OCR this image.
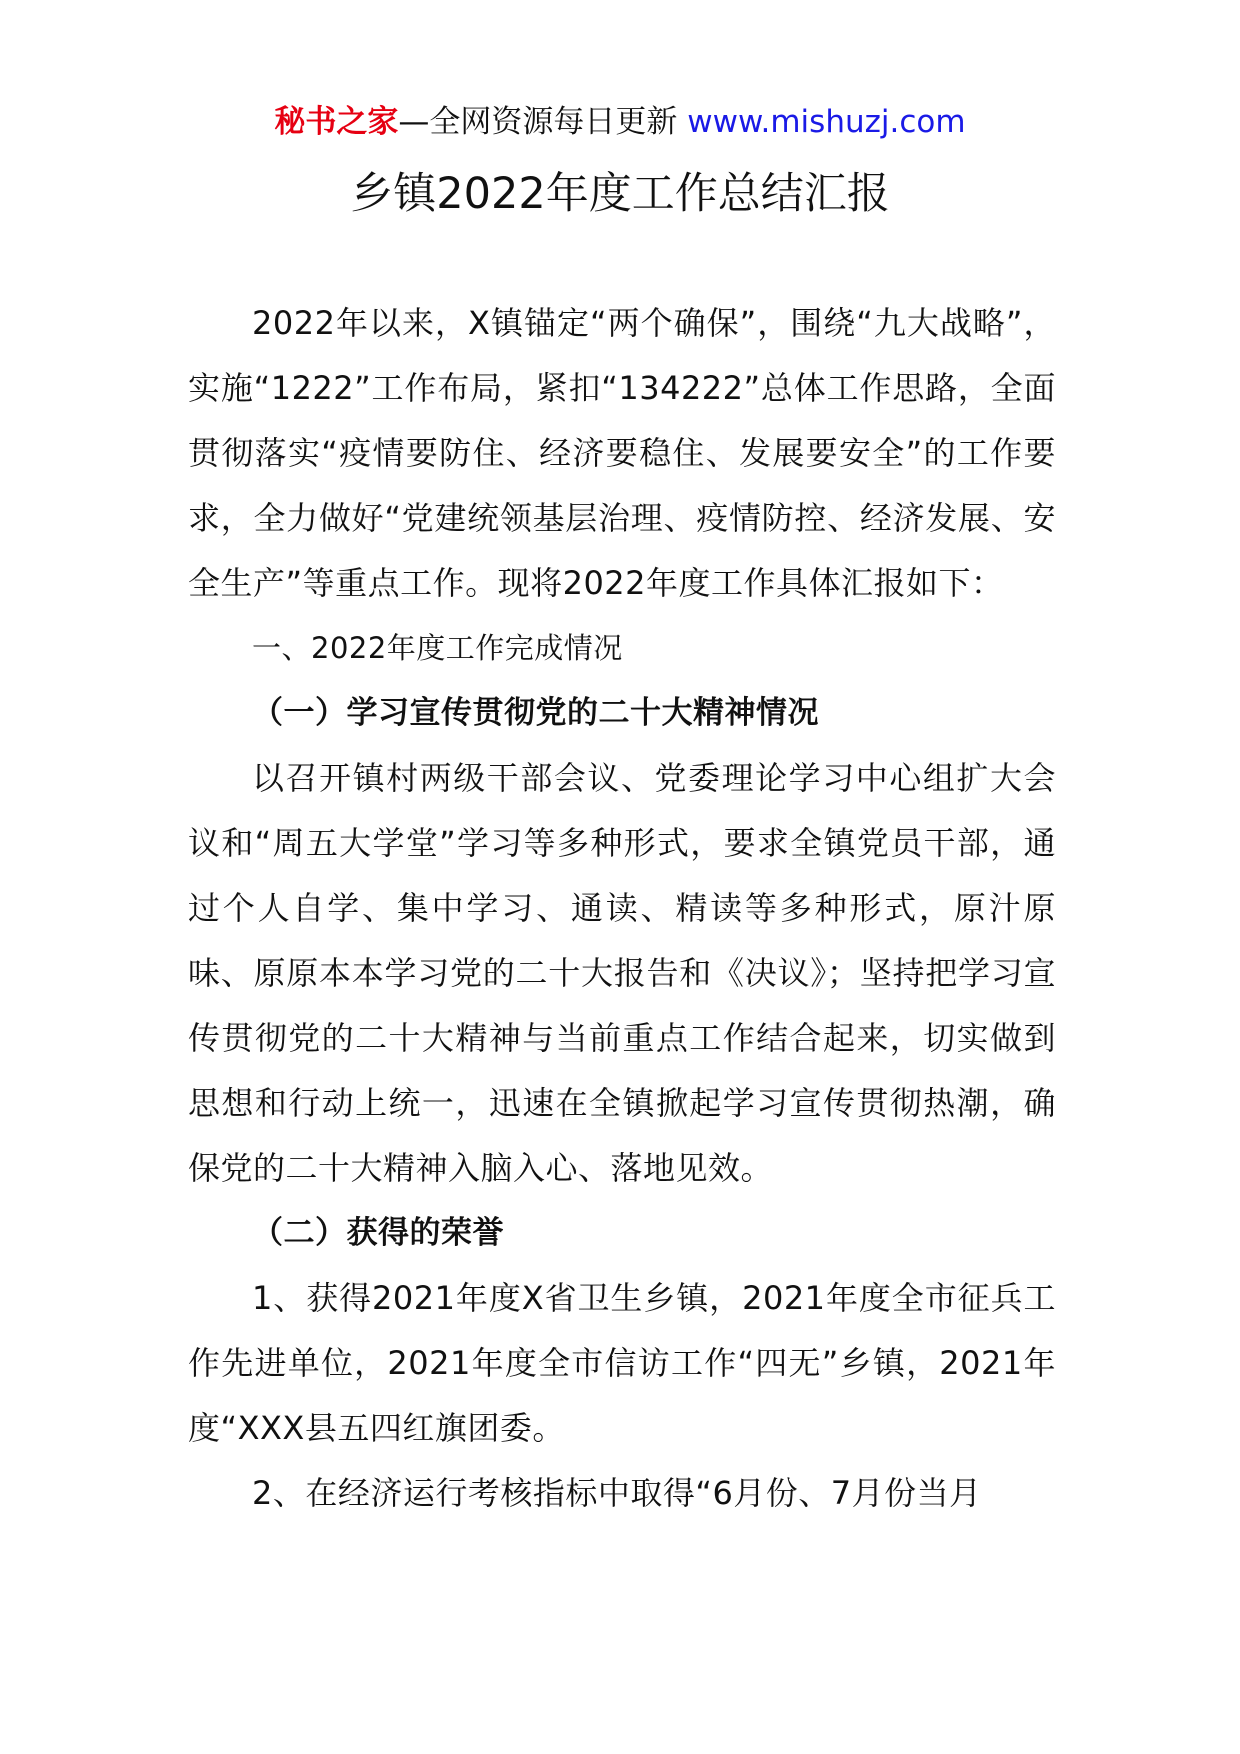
秘书之家—全网资源每日更新 www.mishuzj.com
乡镇2022年度工作总结汇报

2022年以来，X镇锚定“两个确保”，围绕“九大战略”，实施“1222”工作布局，紧扣“134222”总体工作思路，全面贯彻落实“疫情要防住、经济要稳住、发展要安全”的工作要求，全力做好“党建统领基层治理、疫情防控、经济发展、安全生产”等重点工作。现将2022年度工作具体汇报如下：

一、2022年度工作完成情况

（一）学习宣传贯彻党的二十大精神情况

以召开镇村两级干部会议、党委理论学习中心组扩大会议和“周五大学堂”学习等多种形式，要求全镇党员干部，通过个人自学、集中学习、通读、精读等多种形式，原汁原味、原原本本学习党的二十大报告和《决议》；坚持把学习宣传贯彻党的二十大精神与当前重点工作结合起来，切实做到思想和行动上统一，迅速在全镇掀起学习宣传贯彻热潮，确保党的二十大精神入脑入心、落地见效。

（二）获得的荣誉

1、获得2021年度X省卫生乡镇，2021年度全市征兵工作先进单位，2021年度全市信访工作“四无”乡镇，2021年度“XXX县五四红旗团委。

2、在经济运行考核指标中取得“6月份、7月份当月
